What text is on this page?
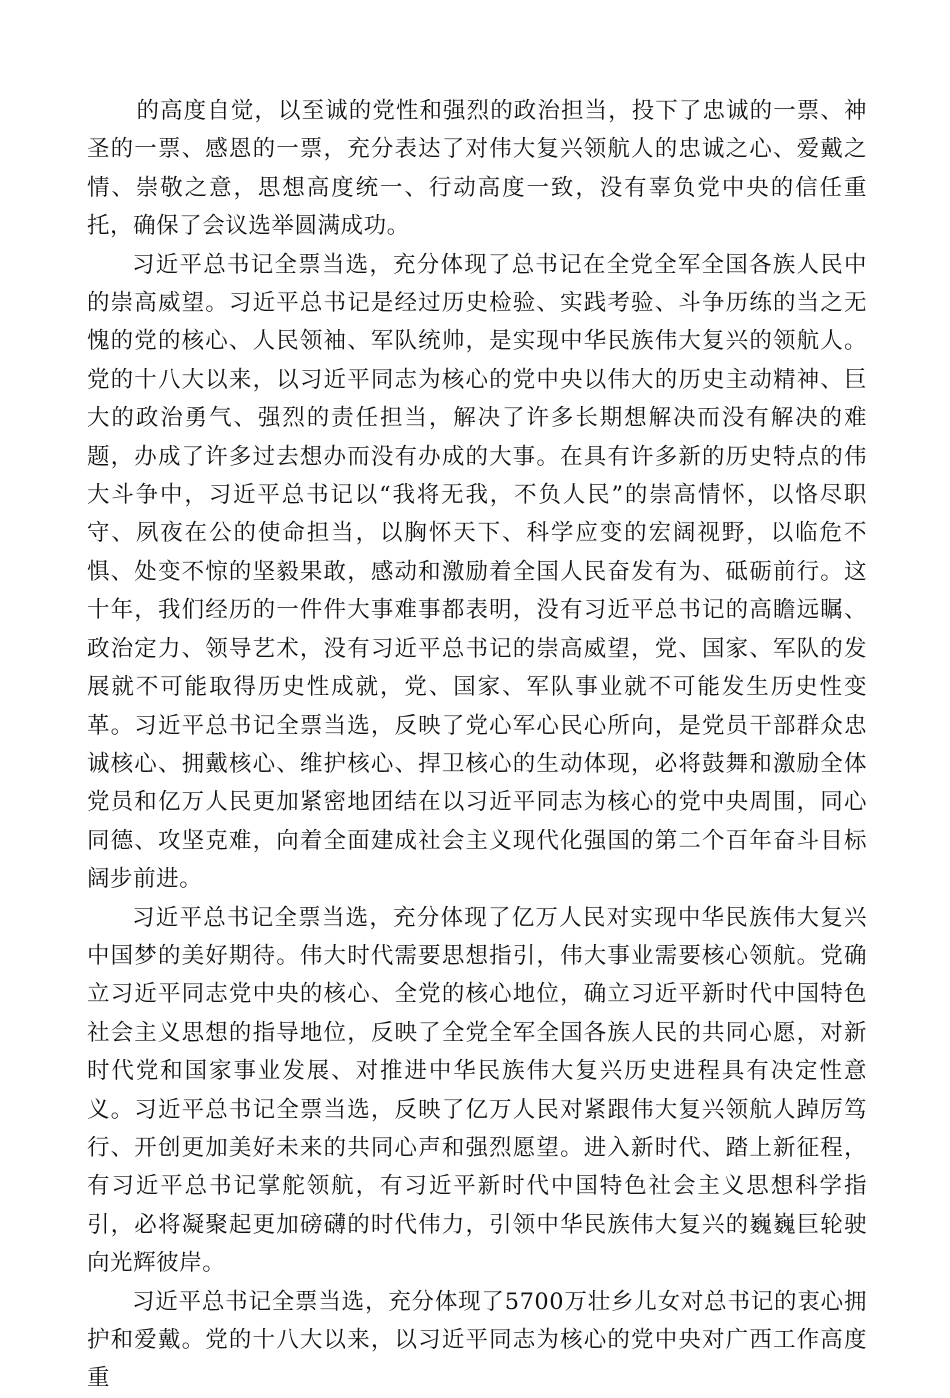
的高度自觉，以至诚的党性和强烈的政治担当，投下了忠诚的一票、神圣的一票、感恩的一票，充分表达了对伟大复兴领航人的忠诚之心、爱戴之情、崇敬之意，思想高度统一、行动高度一致，没有辜负党中央的信任重托，确保了会议选举圆满成功。

习近平总书记全票当选，充分体现了总书记在全党全军全国各族人民中的崇高威望。习近平总书记是经过历史检验、实践考验、斗争历练的当之无愧的党的核心、人民领袖、军队统帅，是实现中华民族伟大复兴的领航人。党的十八大以来，以习近平同志为核心的党中央以伟大的历史主动精神、巨大的政治勇气、强烈的责任担当，解决了许多长期想解决而没有解决的难题，办成了许多过去想办而没有办成的大事。在具有许多新的历史特点的伟大斗争中，习近平总书记以“我将无我，不负人民”的崇高情怀，以恪尽职守、夙夜在公的使命担当，以胸怀天下、科学应变的宏阔视野，以临危不惧、处变不惊的坚毅果敢，感动和激励着全国人民奋发有为、砥砺前行。这十年，我们经历的一件件大事难事都表明，没有习近平总书记的高瞻远瞩、政治定力、领导艺术，没有习近平总书记的崇高威望，党、国家、军队的发展就不可能取得历史性成就，党、国家、军队事业就不可能发生历史性变革。习近平总书记全票当选，反映了党心军心民心所向，是党员干部群众忠诚核心、拥戴核心、维护核心、捍卫核心的生动体现，必将鼓舞和激励全体党员和亿万人民更加紧密地团结在以习近平同志为核心的党中央周围，同心同德、攻坚克难，向着全面建成社会主义现代化强国的第二个百年奋斗目标阔步前进。

习近平总书记全票当选，充分体现了亿万人民对实现中华民族伟大复兴中国梦的美好期待。伟大时代需要思想指引，伟大事业需要核心领航。党确立习近平同志党中央的核心、全党的核心地位，确立习近平新时代中国特色社会主义思想的指导地位，反映了全党全军全国各族人民的共同心愿，对新时代党和国家事业发展、对推进中华民族伟大复兴历史进程具有决定性意义。习近平总书记全票当选，反映了亿万人民对紧跟伟大复兴领航人踔厉笃行、开创更加美好未来的共同心声和强烈愿望。进入新时代、踏上新征程，有习近平总书记掌舵领航，有习近平新时代中国特色社会主义思想科学指引，必将凝聚起更加磅礴的时代伟力，引领中华民族伟大复兴的巍巍巨轮驶向光辉彼岸。

习近平总书记全票当选，充分体现了5700万壮乡儿女对总书记的衷心拥护和爱戴。党的十八大以来，以习近平同志为核心的党中央对广西工作高度重
